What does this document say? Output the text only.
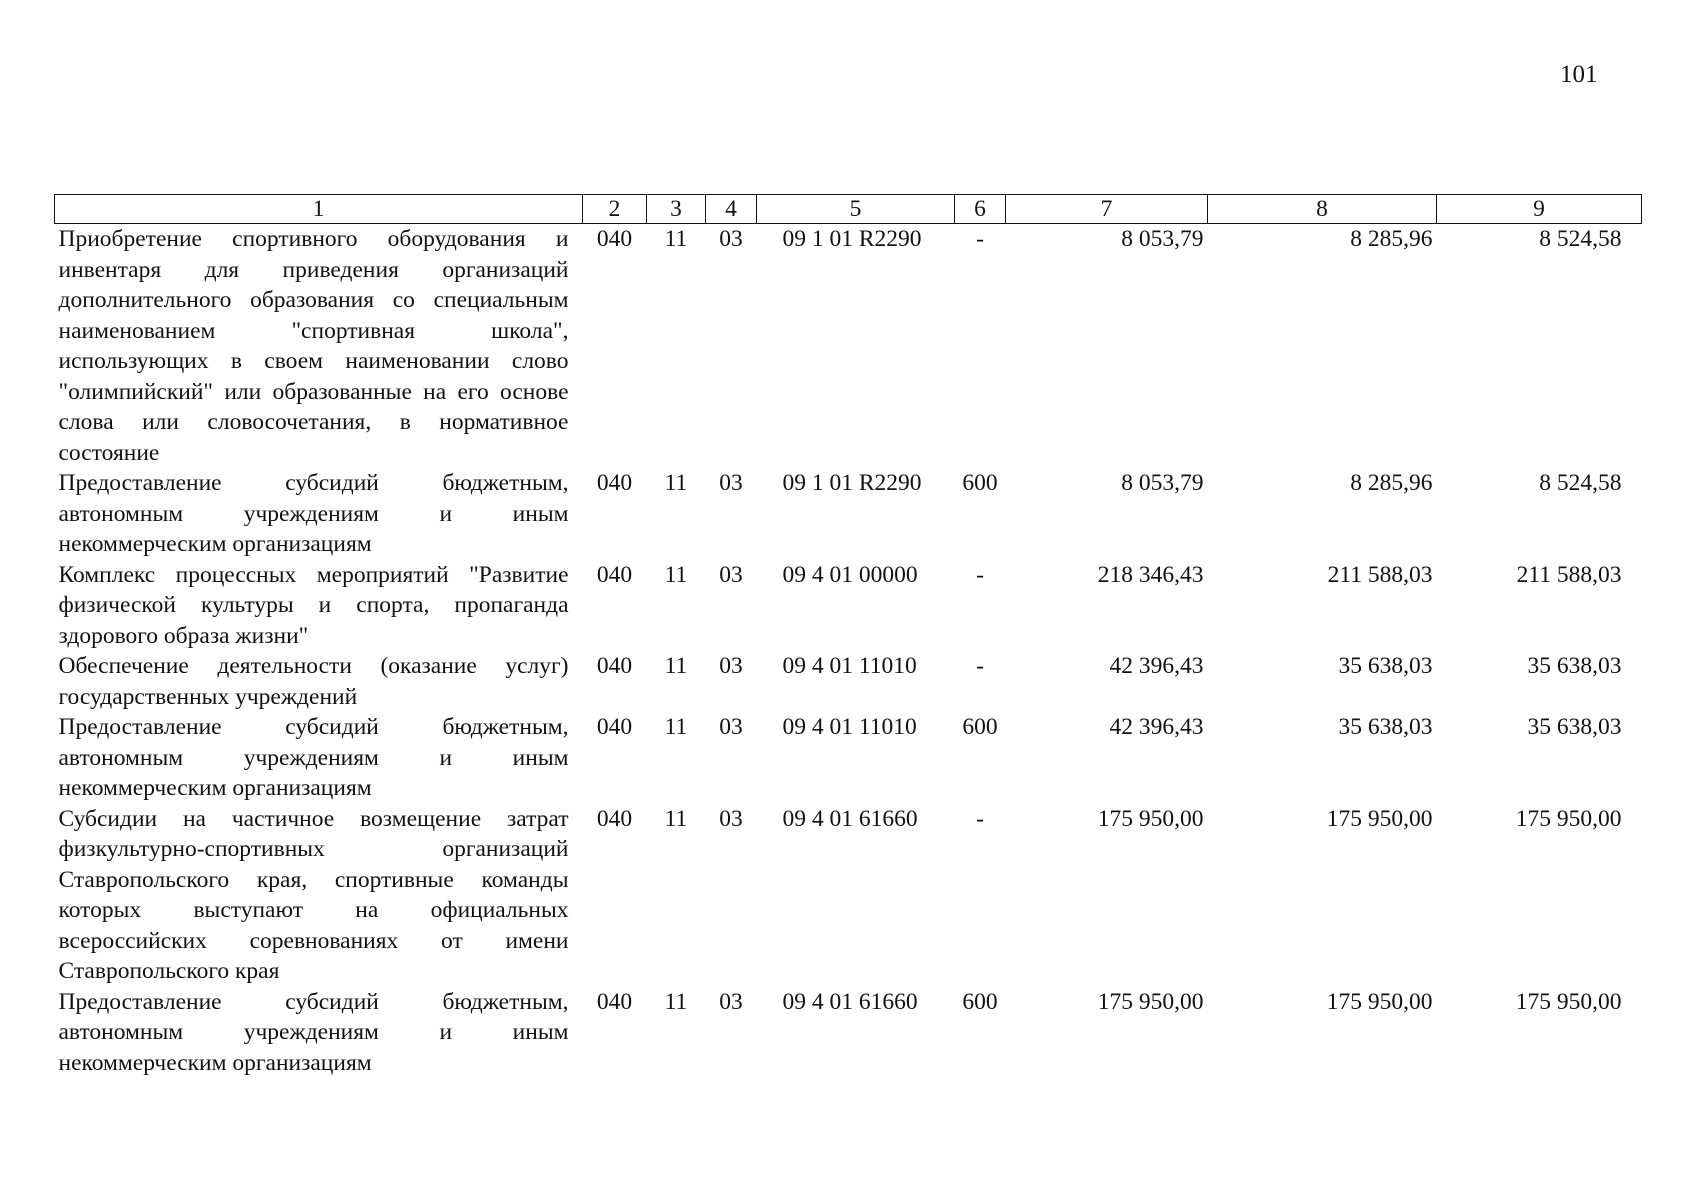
101
1	2	3	4	5	6	7	8	9
Приобретение спортивного оборудования и инвентаря для приведения организаций дополнительного образования со специальным наименованием "спортивная школа", использующих в своем наименовании слово "олимпийский" или образованные на его основе слова или словосочетания, в нормативное состояние	040	11	03	09 1 01 R2290	-	8 053,79	8 285,96	8 524,58
Предоставление субсидий бюджетным, автономным учреждениям и иным некоммерческим организациям	040	11	03	09 1 01 R2290	600	8 053,79	8 285,96	8 524,58
Комплекс процессных мероприятий "Развитие физической культуры и спорта, пропаганда здорового образа жизни"	040	11	03	09 4 01 00000	-	218 346,43	211 588,03	211 588,03
Обеспечение деятельности (оказание услуг) государственных учреждений	040	11	03	09 4 01 11010	-	42 396,43	35 638,03	35 638,03
Предоставление субсидий бюджетным, автономным учреждениям и иным некоммерческим организациям	040	11	03	09 4 01 11010	600	42 396,43	35 638,03	35 638,03
Субсидии на частичное возмещение затрат физкультурно-спортивных организаций Ставропольского края, спортивные команды которых выступают на официальных всероссийских соревнованиях от имени Ставропольского края	040	11	03	09 4 01 61660	-	175 950,00	175 950,00	175 950,00
Предоставление субсидий бюджетным, автономным учреждениям и иным некоммерческим организациям	040	11	03	09 4 01 61660	600	175 950,00	175 950,00	175 950,00
